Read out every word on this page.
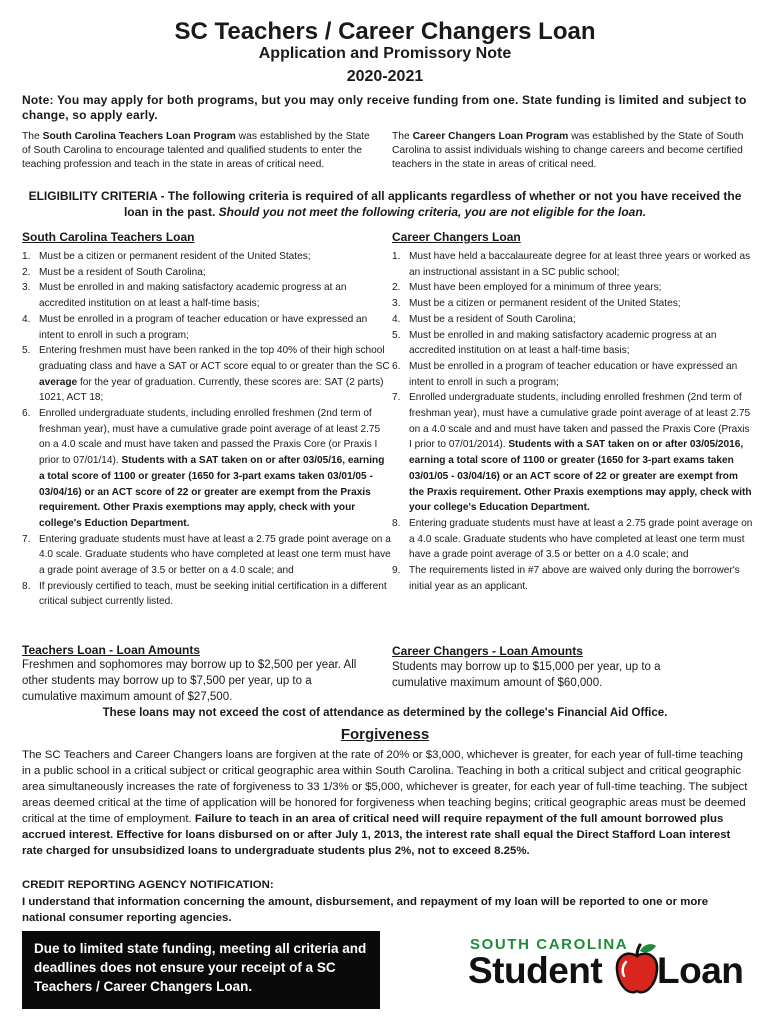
SC Teachers / Career Changers Loan
Application and Promissory Note
2020-2021
Note: You may apply for both programs, but you may only receive funding from one. State funding is limited and subject to change, so apply early.
The South Carolina Teachers Loan Program was established by the State of South Carolina to encourage talented and qualified students to enter the teaching profession and teach in the state in areas of critical need.
The Career Changers Loan Program was established by the State of South Carolina to assist individuals wishing to change careers and become certified teachers in the state in areas of critical need.
ELIGIBILITY CRITERIA - The following criteria is required of all applicants regardless of whether or not you have received the loan in the past. Should you not meet the following criteria, you are not eligible for the loan.
South Carolina Teachers Loan	Career Changers Loan
1. Must be a citizen or permanent resident of the United States;
2. Must be a resident of South Carolina;
3. Must be enrolled in and making satisfactory academic progress at an accredited institution on at least a half-time basis;
4. Must be enrolled in a program of teacher education or have expressed an intent to enroll in such a program;
5. Entering freshmen must have been ranked in the top 40% of their high school graduating class and have a SAT or ACT score equal to or greater than the SC average for the year of graduation. Currently, these scores are: SAT (2 parts) 1021, ACT 18;
6. Enrolled undergraduate students, including enrolled freshmen (2nd term of freshman year), must have a cumulative grade point average of at least 2.75 on a 4.0 scale and must have taken and passed the Praxis Core (or Praxis I prior to 07/01/14). Students with a SAT taken on or after 03/05/16, earning a total score of 1100 or greater (1650 for 3-part exams taken 03/01/05 - 03/04/16) or an ACT score of 22 or greater are exempt from the Praxis requirement. Other Praxis exemptions may apply, check with your college's Eduction Department.
7. Entering graduate students must have at least a 2.75 grade point average on a 4.0 scale. Graduate students who have completed at least one term must have a grade point average of 3.5 or better on a 4.0 scale; and
8. If previously certified to teach, must be seeking initial certification in a different critical subject currently listed.
1. Must have held a baccalaureate degree for at least three years or worked as an instructional assistant in a SC public school;
2. Must have been employed for a minimum of three years;
3. Must be a citizen or permanent resident of the United States;
4. Must be a resident of South Carolina;
5. Must be enrolled in and making satisfactory academic progress at an accredited institution on at least a half-time basis;
6. Must be enrolled in a program of teacher education or have expressed an intent to enroll in such a program;
7. Enrolled undergraduate students, including enrolled freshmen (2nd term of freshman year), must have a cumulative grade point average of at least 2.75 on a 4.0 scale and and must have taken and passed the Praxis Core (Praxis I prior to 07/01/2014). Students with a SAT taken on or after 03/05/2016, earning a total score of 1100 or greater (1650 for 3-part exams taken 03/01/05 - 03/04/16) or an ACT score of 22 or greater are exempt from the Praxis requirement. Other Praxis exemptions may apply, check with your college's Education Department.
8. Entering graduate students must have at least a 2.75 grade point average on a 4.0 scale. Graduate students who have completed at least one term must have a grade point average of 3.5 or better on a 4.0 scale; and
9. The requirements listed in #7 above are waived only during the borrower's initial year as an applicant.
Teachers Loan - Loan Amounts
Freshmen and sophomores may borrow up to $2,500 per year. All other students may borrow up to $7,500 per year, up to a cumulative maximum amount of $27,500.
Career Changers - Loan Amounts
Students may borrow up to $15,000 per year, up to a cumulative maximum amount of $60,000.
These loans may not exceed the cost of attendance as determined by the college's Financial Aid Office.
Forgiveness
The SC Teachers and Career Changers loans are forgiven at the rate of 20% or $3,000, whichever is greater, for each year of full-time teaching in a public school in a critical subject or critical geographic area within South Carolina. Teaching in both a critical subject and critical geographic area simultaneously increases the rate of forgiveness to 33 1/3% or $5,000, whichever is greater, for each year of full-time teaching. The subject areas deemed critical at the time of application will be honored for forgiveness when teaching begins; critical geographic areas must be deemed critical at the time of employment. Failure to teach in an area of critical need will require repayment of the full amount borrowed plus accrued interest. Effective for loans disbursed on or after July 1, 2013, the interest rate shall equal the Direct Stafford Loan interest rate charged for unsubsidized loans to undergraduate students plus 2%, not to exceed 8.25%.
CREDIT REPORTING AGENCY NOTIFICATION:
I understand that information concerning the amount, disbursement, and repayment of my loan will be reported to one or more national consumer reporting agencies.
Due to limited state funding, meeting all criteria and deadlines does not ensure your receipt of a SC Teachers / Career Changers Loan.
SOUTH CAROLINA
Student Loan
